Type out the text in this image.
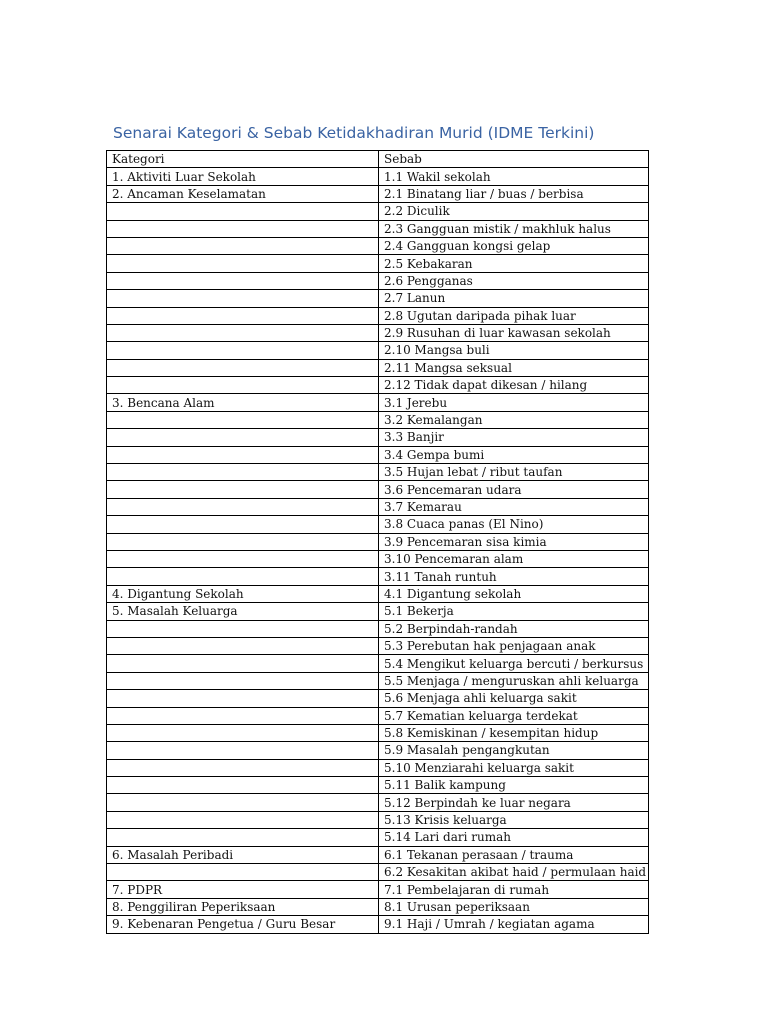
Senarai Kategori & Sebab Ketidakhadiran Murid (IDME Terkini)
Kategori	Sebab
1. Aktiviti Luar Sekolah	1.1 Wakil sekolah
2. Ancaman Keselamatan	2.1 Binatang liar / buas / berbisa
	2.2 Diculik
	2.3 Gangguan mistik / makhluk halus
	2.4 Gangguan kongsi gelap
	2.5 Kebakaran
	2.6 Pengganas
	2.7 Lanun
	2.8 Ugutan daripada pihak luar
	2.9 Rusuhan di luar kawasan sekolah
	2.10 Mangsa buli
	2.11 Mangsa seksual
	2.12 Tidak dapat dikesan / hilang
3. Bencana Alam	3.1 Jerebu
	3.2 Kemalangan
	3.3 Banjir
	3.4 Gempa bumi
	3.5 Hujan lebat / ribut taufan
	3.6 Pencemaran udara
	3.7 Kemarau
	3.8 Cuaca panas (El Nino)
	3.9 Pencemaran sisa kimia
	3.10 Pencemaran alam
	3.11 Tanah runtuh
4. Digantung Sekolah	4.1 Digantung sekolah
5. Masalah Keluarga	5.1 Bekerja
	5.2 Berpindah-randah
	5.3 Perebutan hak penjagaan anak
	5.4 Mengikut keluarga bercuti / berkursus
	5.5 Menjaga / menguruskan ahli keluarga
	5.6 Menjaga ahli keluarga sakit
	5.7 Kematian keluarga terdekat
	5.8 Kemiskinan / kesempitan hidup
	5.9 Masalah pengangkutan
	5.10 Menziarahi keluarga sakit
	5.11 Balik kampung
	5.12 Berpindah ke luar negara
	5.13 Krisis keluarga
	5.14 Lari dari rumah
6. Masalah Peribadi	6.1 Tekanan perasaan / trauma
	6.2 Kesakitan akibat haid / permulaan haid
7. PDPR	7.1 Pembelajaran di rumah
8. Penggiliran Peperiksaan	8.1 Urusan peperiksaan
9. Kebenaran Pengetua / Guru Besar	9.1 Haji / Umrah / kegiatan agama
